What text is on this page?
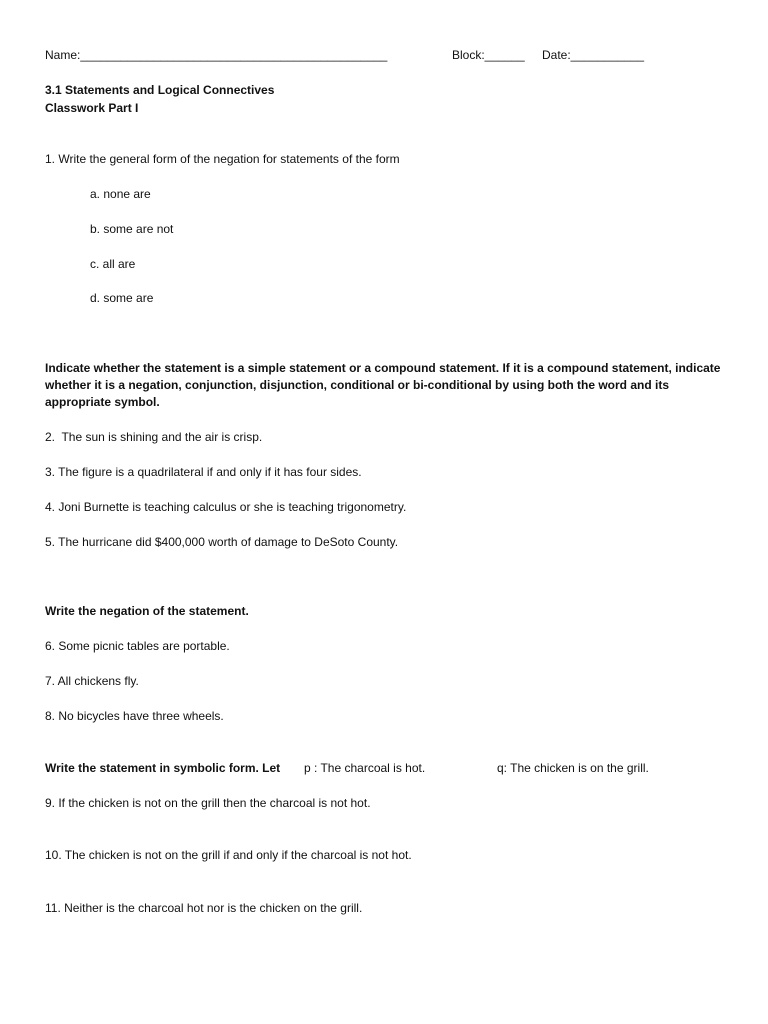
Name:______________________________________________	Block:______ Date:___________
3.1 Statements and Logical Connectives
Classwork Part I
1. Write the general form of the negation for statements of the form
a. none are
b. some are not
c. all are
d. some are
Indicate whether the statement is a simple statement or a compound statement. If it is a compound statement, indicate whether it is a negation, conjunction, disjunction, conditional or bi-conditional by using both the word and its appropriate symbol.
2.  The sun is shining and the air is crisp.
3. The figure is a quadrilateral if and only if it has four sides.
4. Joni Burnette is teaching calculus or she is teaching trigonometry.
5. The hurricane did $400,000 worth of damage to DeSoto County.
Write the negation of the statement.
6. Some picnic tables are portable.
7. All chickens fly.
8. No bicycles have three wheels.
Write the statement in symbolic form. Let p : The charcoal is hot.	q: The chicken is on the grill.
9. If the chicken is not on the grill then the charcoal is not hot.
10. The chicken is not on the grill if and only if the charcoal is not hot.
11. Neither is the charcoal hot nor is the chicken on the grill.
